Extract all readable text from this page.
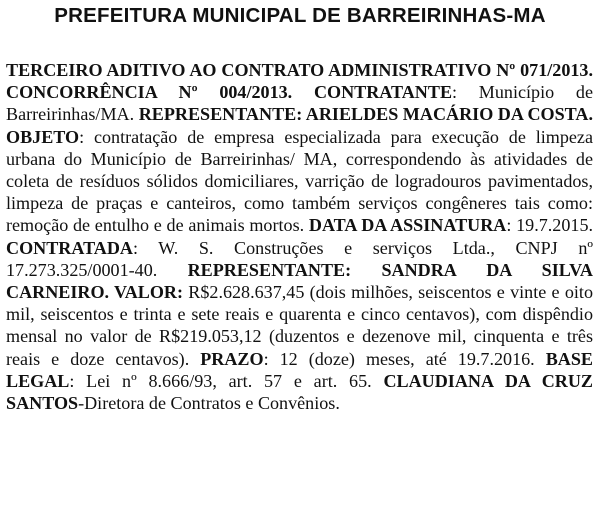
PREFEITURA MUNICIPAL DE BARREIRINHAS-MA
TERCEIRO ADITIVO AO CONTRATO ADMINISTRATIVO Nº 071/2013. CONCORRÊNCIA Nº 004/2013. CONTRATANTE: Município de Barreirinhas/MA. REPRESENTANTE: ARIELDES MACÁRIO DA COSTA. OBJETO: contratação de empresa especializada para execução de limpeza urbana do Município de Barreirinhas/ MA, correspondendo às atividades de coleta de resíduos sólidos domiciliares, varrição de logradouros pavimentados, limpeza de praças e canteiros, como também serviços congêneres tais como: remoção de entulho e de animais mortos. DATA DA ASSINATURA: 19.7.2015. CONTRATADA: W. S. Construções e serviços Ltda., CNPJ nº 17.273.325/0001-40. REPRESENTANTE: SANDRA DA SILVA CARNEIRO. VALOR: R$2.628.637,45 (dois milhões, seiscentos e vinte e oito mil, seiscentos e trinta e sete reais e quarenta e cinco centavos), com dispêndio mensal no valor de R$219.053,12 (duzentos e dezenove mil, cinquenta e três reais e doze centavos). PRAZO: 12 (doze) meses, até 19.7.2016. BASE LEGAL: Lei nº 8.666/93, art. 57 e art. 65. CLAUDIANA DA CRUZ SANTOS-Diretora de Contratos e Convênios.
